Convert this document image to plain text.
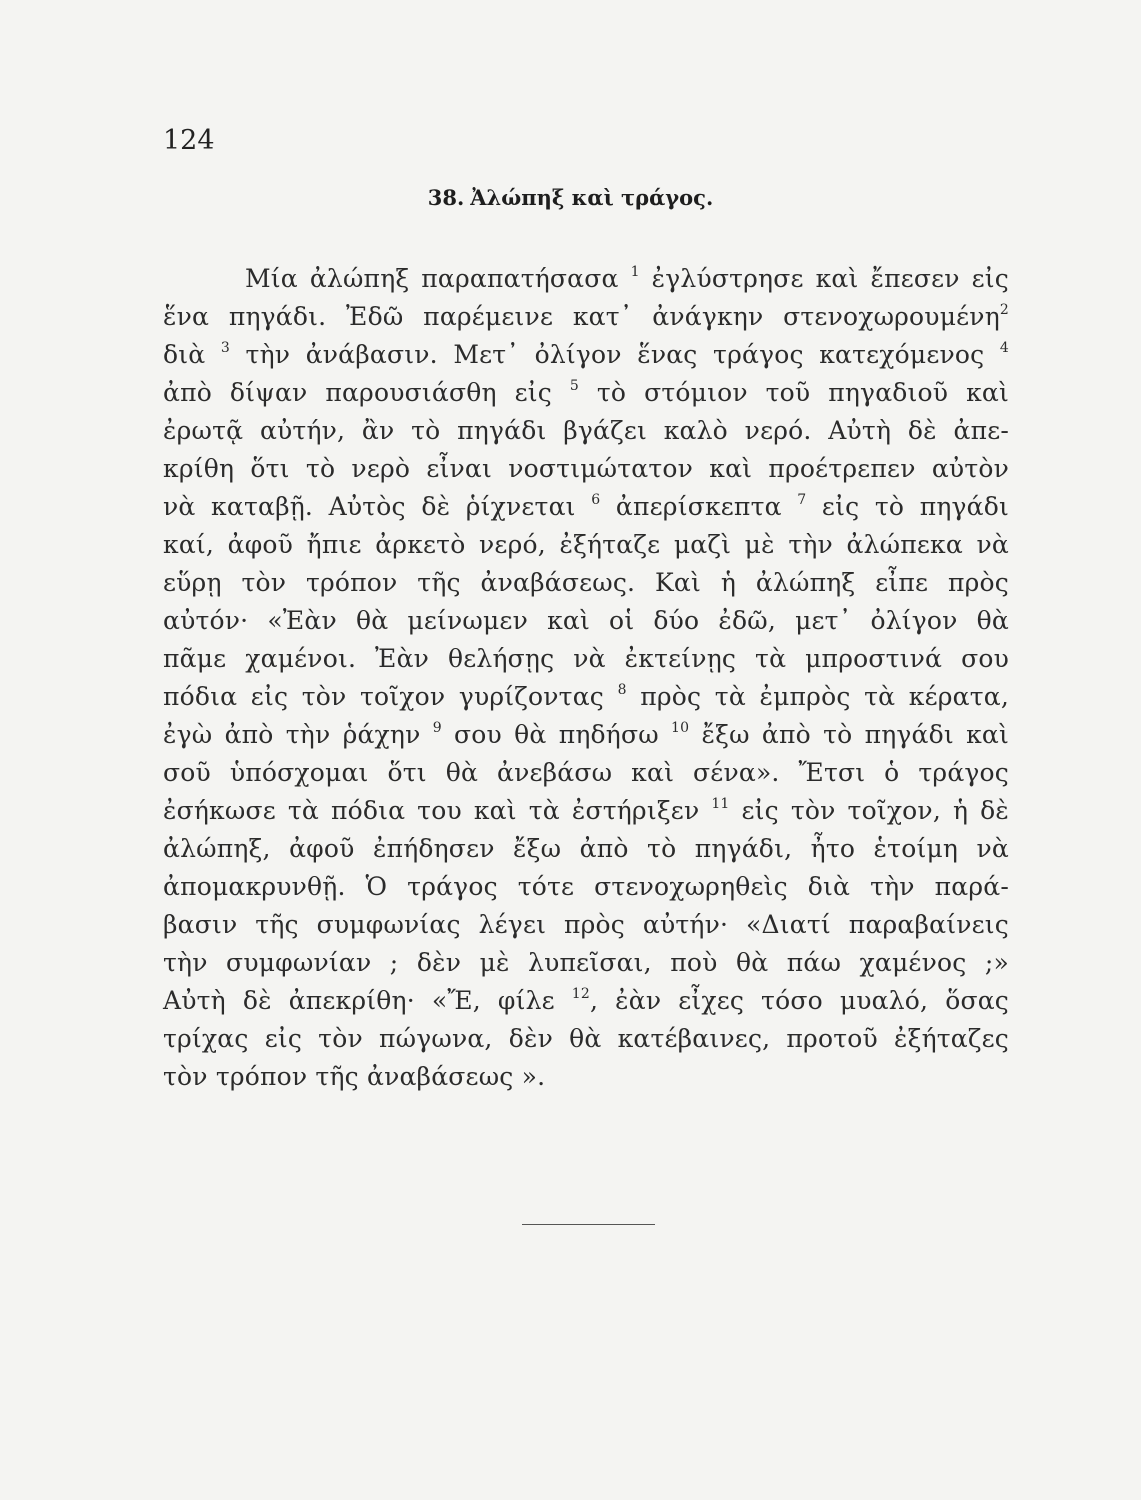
124
38. Ἀλώπηξ καὶ τράγος.
Μία ἀλώπηξ παραπατήσασα $^1$ ἐγλύστρησε καὶ ἔπεσεν εἰς
ἕνα πηγάδι. Ἐδῶ παρέμεινε κατ᾽ ἀνάγκην στενοχωρουμένη$^2$
διὰ $^3$ τὴν ἀνάβασιν. Μετ᾽ ὀλίγον ἕνας τράγος κατεχόμενος $^4$
ἀπὸ δίψαν παρουσιάσθη εἰς $^5$ τὸ στόμιον τοῦ πηγαδιοῦ καὶ
ἐρωτᾷ αὐτήν, ἂν τὸ πηγάδι βγάζει καλὸ νερό. Αὐτὴ δὲ ἀπε-
κρίθη ὅτι τὸ νερὸ εἶναι νοστιμώτατον καὶ προέτρεπεν αὐτὸν
νὰ καταβῇ. Αὐτὸς δὲ ῥίχνεται $^6$ ἀπερίσκεπτα $^7$ εἰς τὸ πηγάδι
καί, ἀφοῦ ἤπιε ἀρκετὸ νερό, ἐξήταζε μαζὶ μὲ τὴν ἀλώπεκα νὰ
εὕρῃ τὸν τρόπον τῆς ἀναβάσεως. Καὶ ἡ ἀλώπηξ εἶπε πρὸς
αὐτόν· «Ἐὰν θὰ μείνωμεν καὶ οἱ δύο ἐδῶ, μετ᾽ ὀλίγον θὰ
πᾶμε χαμένοι. Ἐὰν θελήσῃς νὰ ἐκτείνῃς τὰ μπροστινά σου
πόδια εἰς τὸν τοῖχον γυρίζοντας $^8$ πρὸς τὰ ἐμπρὸς τὰ κέρατα,
ἐγὼ ἀπὸ τὴν ῥάχην $^9$ σου θὰ πηδήσω $^{10}$ ἔξω ἀπὸ τὸ πηγάδι καὶ
σοῦ ὑπόσχομαι ὅτι θὰ ἀνεβάσω καὶ σένα». Ἔτσι ὁ τράγος
ἐσήκωσε τὰ πόδια του καὶ τὰ ἐστήριξεν $^{11}$ εἰς τὸν τοῖχον, ἡ δὲ
ἀλώπηξ, ἀφοῦ ἐπήδησεν ἔξω ἀπὸ τὸ πηγάδι, ἦτο ἑτοίμη νὰ
ἀπομακρυνθῇ. Ὁ τράγος τότε στενοχωρηθεὶς διὰ τὴν παρά-
βασιν τῆς συμφωνίας λέγει πρὸς αὐτήν· «Διατί παραβαίνεις
τὴν συμφωνίαν ; δὲν μὲ λυπεῖσαι, ποὺ θὰ πάω χαμένος ;»
Αὐτὴ δὲ ἀπεκρίθη· «Ἔ, φίλε $^{12}$, ἐὰν εἶχες τόσο μυαλό, ὅσας
τρίχας εἰς τὸν πώγωνα, δὲν θὰ κατέβαινες, προτοῦ ἐξήταζες
τὸν τρόπον τῆς ἀναβάσεως ».
